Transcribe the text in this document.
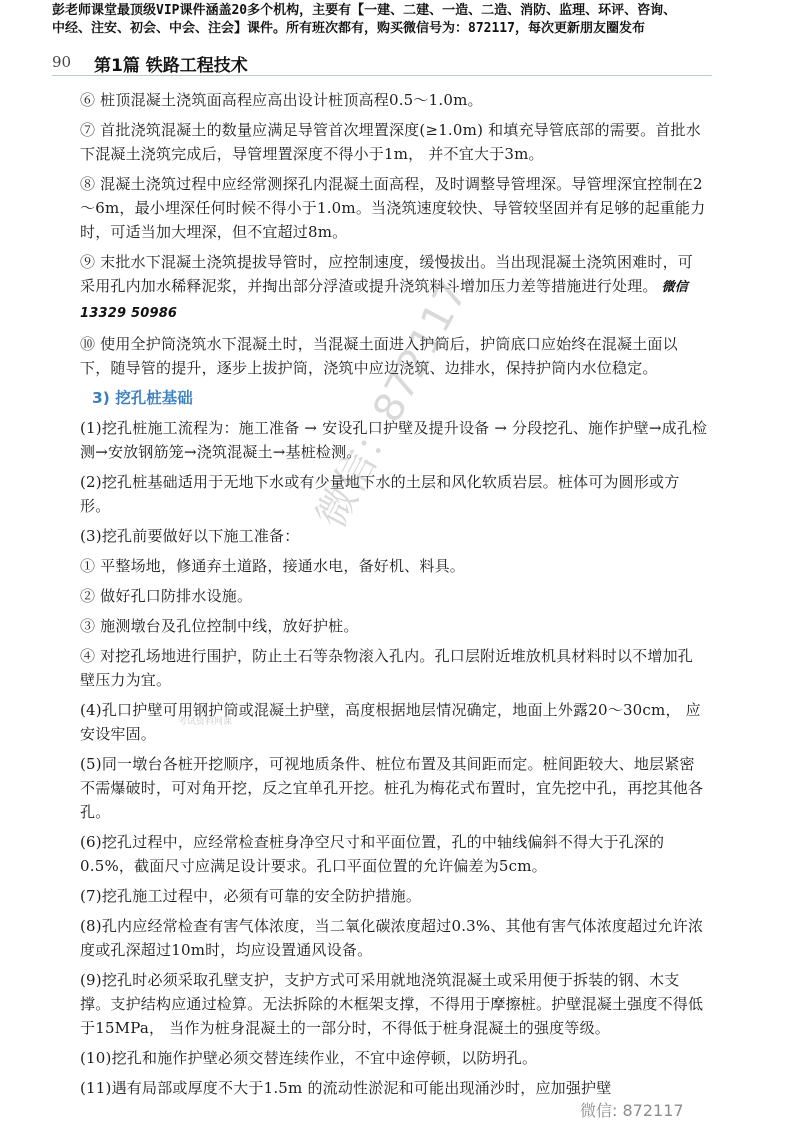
彭老师课堂最顶级VIP课件涵盖20多个机构，主要有【一建、二建、一造、二造、消防、监理、环评、咨询、
中经、注安、初会、中会、注会】课件。所有班次都有，购买微信号为：872117，每次更新朋友圈发布
90 第1篇 铁路工程技术

⑥ 桩顶混凝土浇筑面高程应高出设计桩顶高程0.5～1.0m。

⑦ 首批浇筑混凝土的数量应满足导管首次埋置深度(≥1.0m) 和填充导管底部的需要。首批水下混凝土浇筑完成后，导管埋置深度不得小于1m， 并不宜大于3m。

⑧ 混凝土浇筑过程中应经常测探孔内混凝土面高程，及时调整导管埋深。导管埋深宜控制在2～6m，最小埋深任何时候不得小于1.0m。当浇筑速度较快、导管较坚固并有足够的起重能力时，可适当加大埋深，但不宜超过8m。

⑨ 末批水下混凝土浇筑提拔导管时，应控制速度，缓慢拔出。当出现混凝土浇筑困难时，可采用孔内加水稀释泥浆，并掏出部分浮渣或提升浇筑料斗增加压力差等措施进行处理。 微信 13329 50986

⑩ 使用全护筒浇筑水下混凝土时，当混凝土面进入护筒后，护筒底口应始终在混凝土面以下，随导管的提升，逐步上拔护筒，浇筑中应边浇筑、边排水，保持护筒内水位稳定。

3) 挖孔桩基础

(1)挖孔桩施工流程为：施工准备 → 安设孔口护壁及提升设备 → 分段挖孔、施作护壁→成孔检测→安放钢筋笼→浇筑混凝土→基桩检测。

(2)挖孔桩基础适用于无地下水或有少量地下水的土层和风化软质岩层。桩体可为圆形或方形。

(3)挖孔前要做好以下施工准备：

① 平整场地，修通弃土道路，接通水电，备好机、料具。

② 做好孔口防排水设施。

③ 施测墩台及孔位控制中线，放好护桩。

④ 对挖孔场地进行围护，防止土石等杂物滚入孔内。孔口层附近堆放机具材料时以不增加孔壁压力为宜。

(4)孔口护壁可用钢护筒或混凝土护壁，高度根据地层情况确定，地面上外露20～30cm， 应安设牢固。

(5)同一墩台各桩开挖顺序，可视地质条件、桩位布置及其间距而定。桩间距较大、地层紧密不需爆破时，可对角开挖，反之宜单孔开挖。桩孔为梅花式布置时，宜先挖中孔，再挖其他各孔。

(6)挖孔过程中，应经常检查桩身净空尺寸和平面位置，孔的中轴线偏斜不得大于孔深的0.5%，截面尺寸应满足设计要求。孔口平面位置的允许偏差为5cm。

(7)挖孔施工过程中，必须有可靠的安全防护措施。

(8)孔内应经常检查有害气体浓度，当二氧化碳浓度超过0.3%、其他有害气体浓度超过允许浓度或孔深超过10m时，均应设置通风设备。

(9)挖孔时必须采取孔壁支护，支护方式可采用就地浇筑混凝土或采用便于拆装的钢、木支撑。支护结构应通过检算。无法拆除的木框架支撑，不得用于摩擦桩。护壁混凝土强度不得低于15MPa， 当作为桩身混凝土的一部分时，不得低于桩身混凝土的强度等级。

(10)挖孔和施作护壁必须交替连续作业，不宜中途停顿，以防坍孔。

(11)遇有局部或厚度不大于1.5m 的流动性淤泥和可能出现涌沙时，应加强护壁

微信：872117
考试资料网课
微信: 872117
